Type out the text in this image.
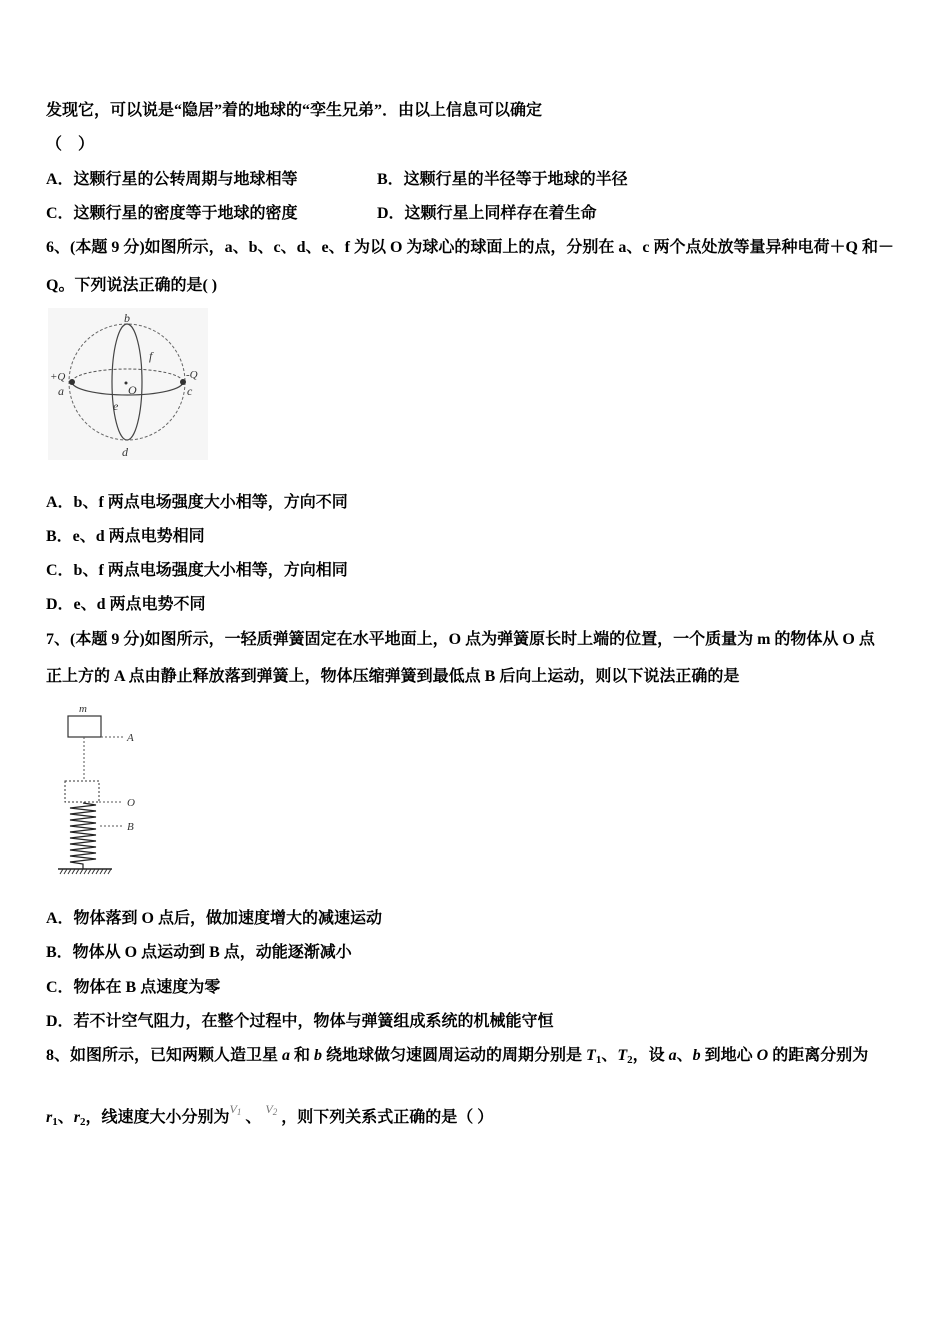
发现它，可以说是“隐居”着的地球的“孪生兄弟”．由以上信息可以确定
（　）
A．这颗行星的公转周期与地球相等	B．这颗行星的半径等于地球的半径
C．这颗行星的密度等于地球的密度	D．这颗行星上同样存在着生命
6、(本题 9 分)如图所示，a、b、c、d、e、f 为以 O 为球心的球面上的点，分别在 a、c 两个点处放等量异种电荷＋Q 和－
Q。下列说法正确的是( )
b
f
+Q
a	O
-Q
c
e
d
A．b、f 两点电场强度大小相等，方向不同
B．e、d 两点电势相同
C．b、f 两点电场强度大小相等，方向相同
D．e、d 两点电势不同
7、(本题 9 分)如图所示，一轻质弹簧固定在水平地面上，O 点为弹簧原长时上端的位置，一个质量为 m 的物体从 O 点
正上方的 A 点由静止释放落到弹簧上，物体压缩弹簧到最低点 B 后向上运动，则以下说法正确的是
m
A
O
B
A．物体落到 O 点后，做加速度增大的减速运动
B．物体从 O 点运动到 B 点，动能逐渐减小
C．物体在 B 点速度为零
D．若不计空气阻力，在整个过程中，物体与弹簧组成系统的机械能守恒
8、如图所示，已知两颗人造卫星 a 和 b 绕地球做匀速圆周运动的周期分别是 T1、T2，设 a、b 到地心 O 的距离分别为
r1、r2，线速度大小分别为$^{V1}$ 、 $^{V2}$ ，则下列关系式正确的是（ ）
